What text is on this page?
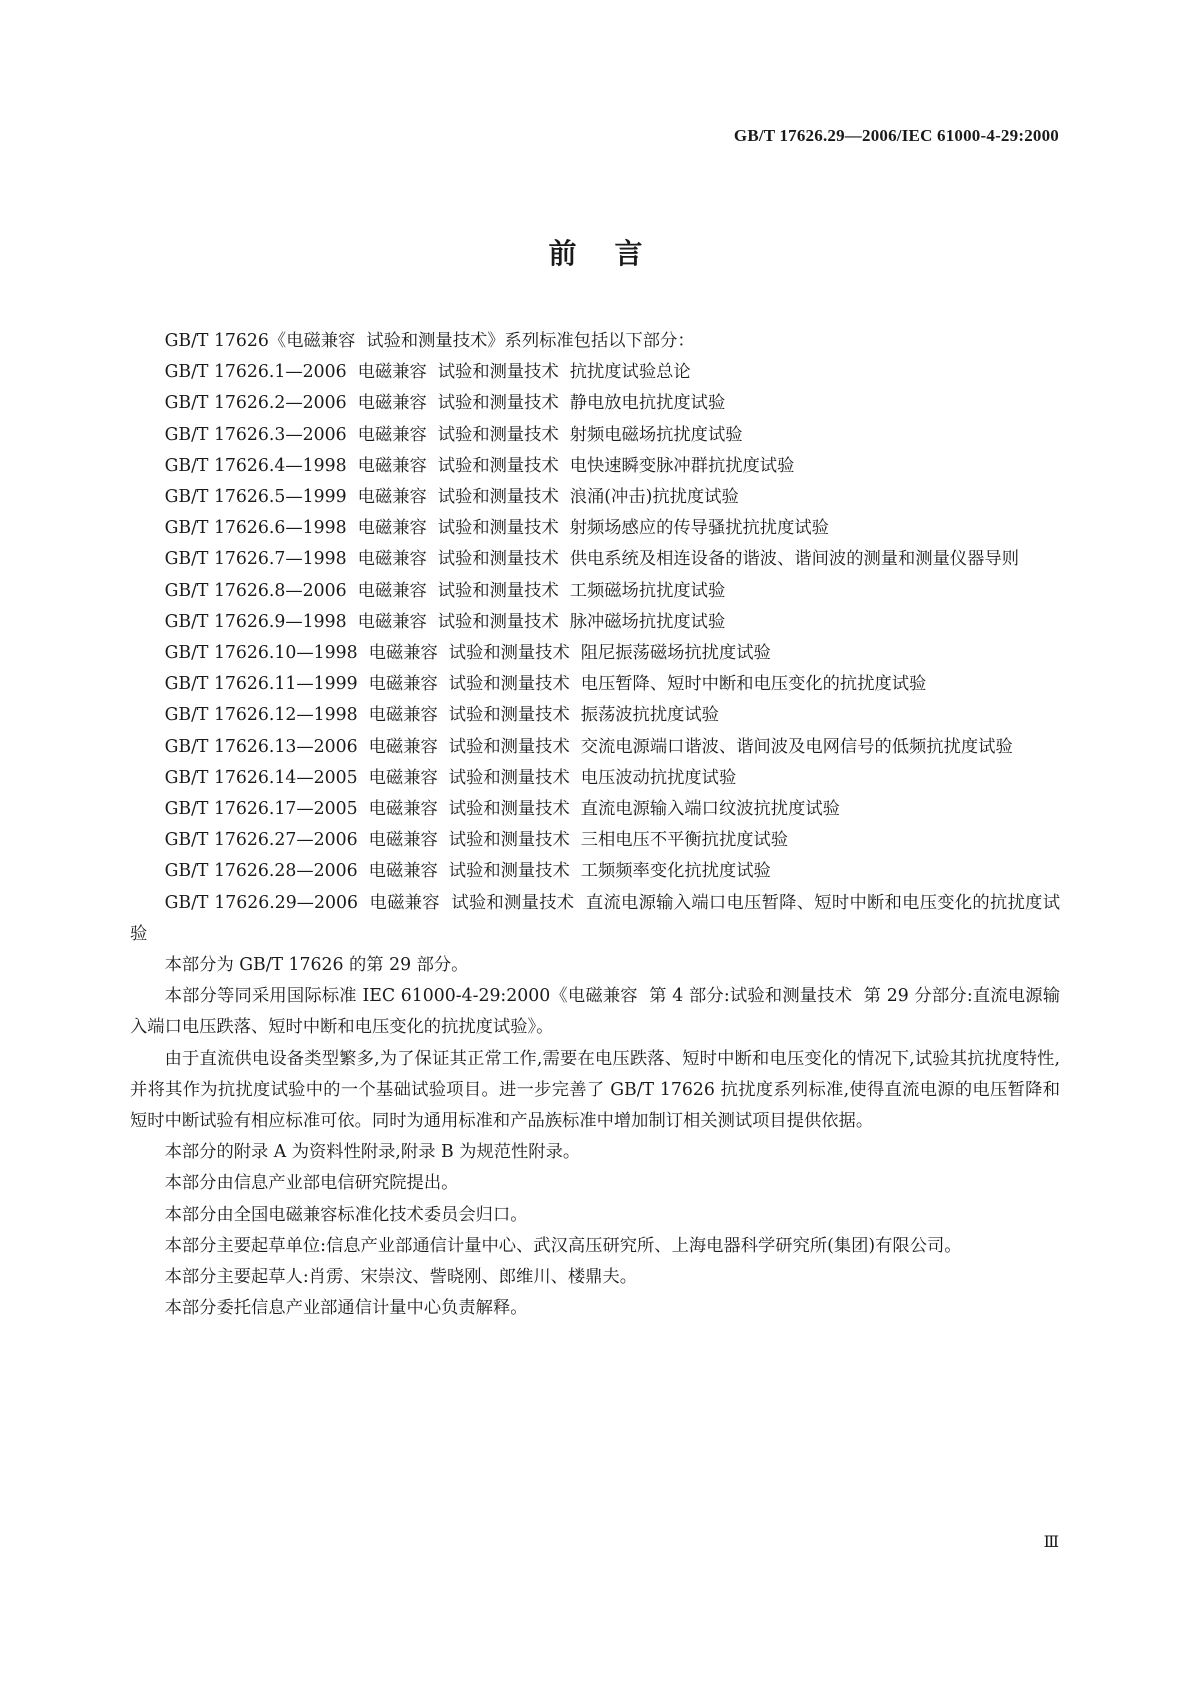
GB/T 17626.29—2006/IEC 61000-4-29:2000
前言

GB/T 17626《电磁兼容  试验和测量技术》系列标准包括以下部分：

GB/T 17626.1—2006  电磁兼容  试验和测量技术  抗扰度试验总论

GB/T 17626.2—2006  电磁兼容  试验和测量技术  静电放电抗扰度试验

GB/T 17626.3—2006  电磁兼容  试验和测量技术  射频电磁场抗扰度试验

GB/T 17626.4—1998  电磁兼容  试验和测量技术  电快速瞬变脉冲群抗扰度试验

GB/T 17626.5—1999  电磁兼容  试验和测量技术  浪涌(冲击)抗扰度试验

GB/T 17626.6—1998  电磁兼容  试验和测量技术  射频场感应的传导骚扰抗扰度试验

GB/T 17626.7—1998  电磁兼容  试验和测量技术  供电系统及相连设备的谐波、谐间波的测量和测量仪器导则

GB/T 17626.8—2006  电磁兼容  试验和测量技术  工频磁场抗扰度试验

GB/T 17626.9—1998  电磁兼容  试验和测量技术  脉冲磁场抗扰度试验

GB/T 17626.10—1998  电磁兼容  试验和测量技术  阻尼振荡磁场抗扰度试验

GB/T 17626.11—1999  电磁兼容  试验和测量技术  电压暂降、短时中断和电压变化的抗扰度试验

GB/T 17626.12—1998  电磁兼容  试验和测量技术  振荡波抗扰度试验

GB/T 17626.13—2006  电磁兼容  试验和测量技术  交流电源端口谐波、谐间波及电网信号的低频抗扰度试验

GB/T 17626.14—2005  电磁兼容  试验和测量技术  电压波动抗扰度试验

GB/T 17626.17—2005  电磁兼容  试验和测量技术  直流电源输入端口纹波抗扰度试验

GB/T 17626.27—2006  电磁兼容  试验和测量技术  三相电压不平衡抗扰度试验

GB/T 17626.28—2006  电磁兼容  试验和测量技术  工频频率变化抗扰度试验

GB/T 17626.29—2006  电磁兼容  试验和测量技术  直流电源输入端口电压暂降、短时中断和电压变化的抗扰度试验

本部分为 GB/T 17626 的第 29 部分。

本部分等同采用国际标准 IEC 61000-4-29:2000《电磁兼容  第 4 部分:试验和测量技术  第 29 分部分:直流电源输入端口电压跌落、短时中断和电压变化的抗扰度试验》。

由于直流供电设备类型繁多,为了保证其正常工作,需要在电压跌落、短时中断和电压变化的情况下,试验其抗扰度特性,并将其作为抗扰度试验中的一个基础试验项目。进一步完善了 GB/T 17626 抗扰度系列标准,使得直流电源的电压暂降和短时中断试验有相应标准可依。同时为通用标准和产品族标准中增加制订相关测试项目提供依据。

本部分的附录 A 为资料性附录,附录 B 为规范性附录。

本部分由信息产业部电信研究院提出。

本部分由全国电磁兼容标准化技术委员会归口。

本部分主要起草单位:信息产业部通信计量中心、武汉高压研究所、上海电器科学研究所(集团)有限公司。

本部分主要起草人:肖雳、宋崇汶、訾晓刚、郎维川、楼鼎夫。

本部分委托信息产业部通信计量中心负责解释。

Ⅲ
